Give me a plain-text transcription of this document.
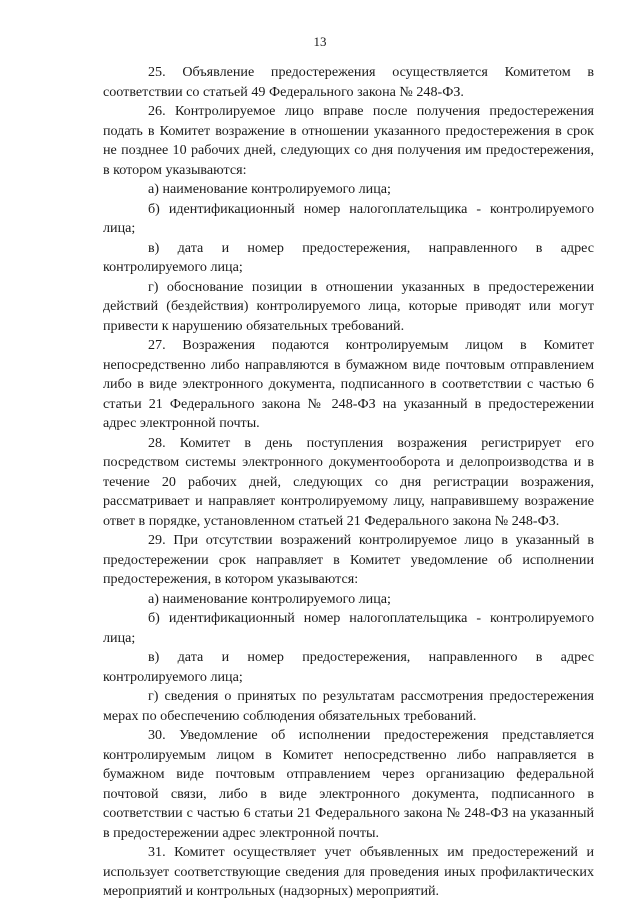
13

25. Объявление предостережения осуществляется Комитетом в соответствии со статьей 49 Федерального закона № 248-ФЗ.

26. Контролируемое лицо вправе после получения предостережения подать в Комитет возражение в отношении указанного предостережения в срок не позднее 10 рабочих дней, следующих со дня получения им предостережения, в котором указываются:

а) наименование контролируемого лица;

б) идентификационный номер налогоплательщика - контролируемого лица;

в) дата и номер предостережения, направленного в адрес контролируемого лица;

г) обоснование позиции в отношении указанных в предостережении действий (бездействия) контролируемого лица, которые приводят или могут привести к нарушению обязательных требований.

27. Возражения подаются контролируемым лицом в Комитет непосредственно либо направляются в бумажном виде почтовым отправлением либо в виде электронного документа, подписанного в соответствии с частью 6 статьи 21 Федерального закона № 248-ФЗ на указанный в предостережении адрес электронной почты.

28. Комитет в день поступления возражения регистрирует его посредством системы электронного документооборота и делопроизводства и в течение 20 рабочих дней, следующих со дня регистрации возражения, рассматривает и направляет контролируемому лицу, направившему возражение ответ в порядке, установленном статьей 21 Федерального закона № 248-ФЗ.

29. При отсутствии возражений контролируемое лицо в указанный в предостережении срок направляет в Комитет уведомление об исполнении предостережения, в котором указываются:

а) наименование контролируемого лица;

б) идентификационный номер налогоплательщика - контролируемого лица;

в) дата и номер предостережения, направленного в адрес контролируемого лица;

г) сведения о принятых по результатам рассмотрения предостережения мерах по обеспечению соблюдения обязательных требований.

30. Уведомление об исполнении предостережения представляется контролируемым лицом в Комитет непосредственно либо направляется в бумажном виде почтовым отправлением через организацию федеральной почтовой связи, либо в виде электронного документа, подписанного в соответствии с частью 6 статьи 21 Федерального закона № 248-ФЗ на указанный в предостережении адрес электронной почты.

31. Комитет осуществляет учет объявленных им предостережений и использует соответствующие сведения для проведения иных профилактических мероприятий и контрольных (надзорных) мероприятий.
